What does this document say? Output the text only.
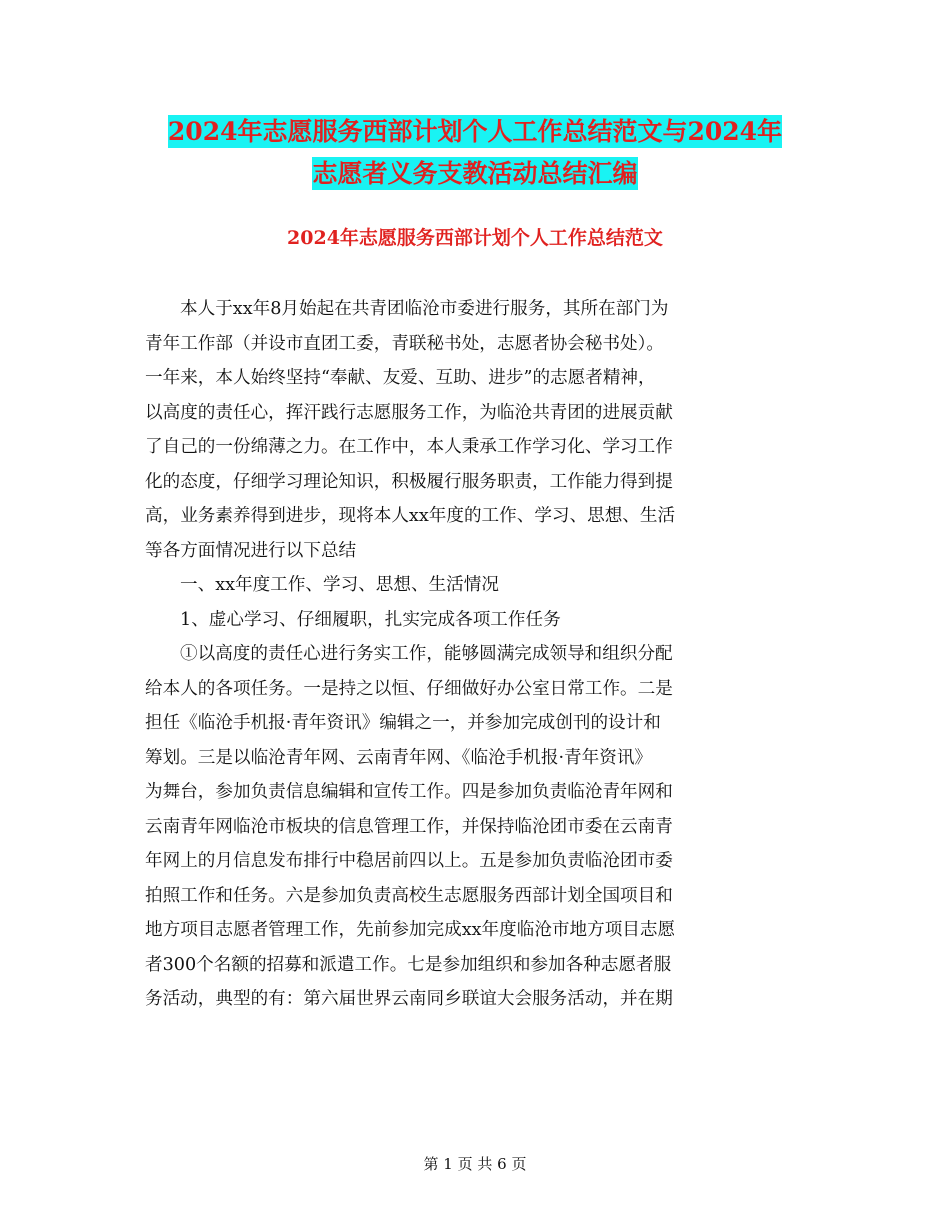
2024年志愿服务西部计划个人工作总结范文与2024年
志愿者义务支教活动总结汇编
2024年志愿服务西部计划个人工作总结范文
本人于xx年8月始起在共青团临沧市委进行服务，其所在部门为
青年工作部（并设市直团工委，青联秘书处，志愿者协会秘书处）。
一年来，本人始终坚持“奉献、友爱、互助、进步”的志愿者精神，
以高度的责任心，挥汗践行志愿服务工作，为临沧共青团的进展贡献
了自己的一份绵薄之力。在工作中，本人秉承工作学习化、学习工作
化的态度，仔细学习理论知识，积极履行服务职责，工作能力得到提
高，业务素养得到进步，现将本人xx年度的工作、学习、思想、生活
等各方面情况进行以下总结
一、xx年度工作、学习、思想、生活情况
1、虚心学习、仔细履职，扎实完成各项工作任务
①以高度的责任心进行务实工作，能够圆满完成领导和组织分配
给本人的各项任务。一是持之以恒、仔细做好办公室日常工作。二是
担任《临沧手机报·青年资讯》编辑之一，并参加完成创刊的设计和
筹划。三是以临沧青年网、云南青年网、《临沧手机报·青年资讯》
为舞台，参加负责信息编辑和宣传工作。四是参加负责临沧青年网和
云南青年网临沧市板块的信息管理工作，并保持临沧团市委在云南青
年网上的月信息发布排行中稳居前四以上。五是参加负责临沧团市委
拍照工作和任务。六是参加负责高校生志愿服务西部计划全国项目和
地方项目志愿者管理工作，先前参加完成xx年度临沧市地方项目志愿
者300个名额的招募和派遣工作。七是参加组织和参加各种志愿者服
务活动，典型的有：第六届世界云南同乡联谊大会服务活动，并在期
第 1 页 共 6 页
